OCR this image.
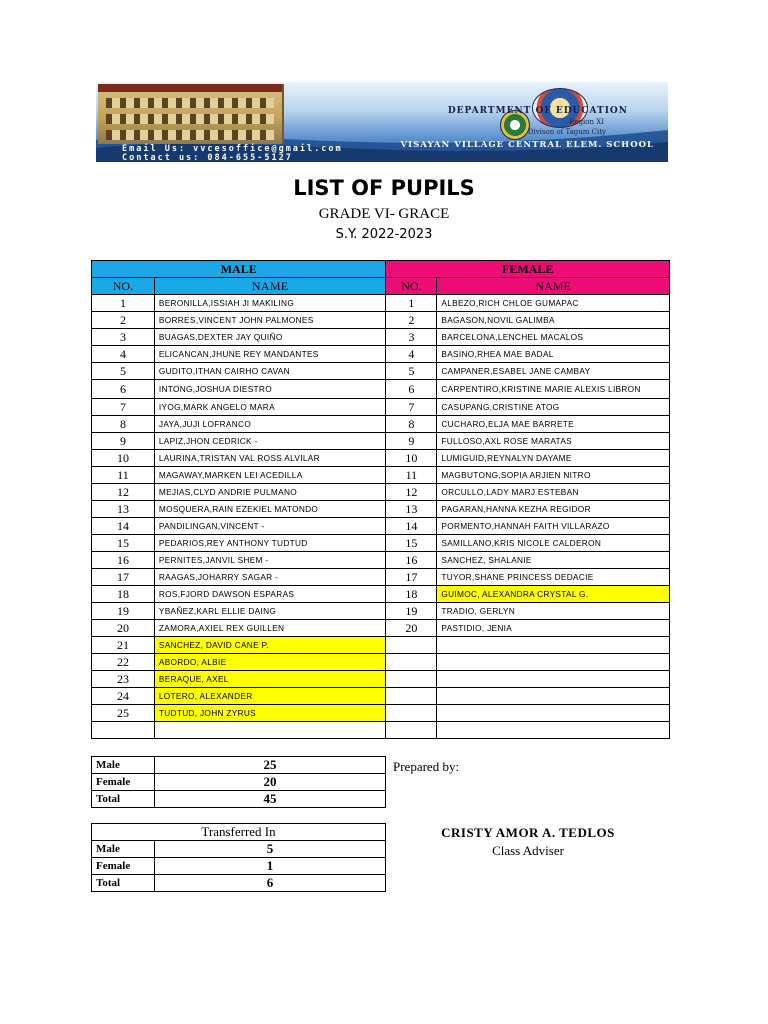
DEPARTMENT OF EDUCATION
Region XI
Divison of Tagum City
VISAYAN VILLAGE CENTRAL ELEM. SCHOOL
Email Us: vvcesoffice@gmail.com
Contact us: 084-655-5127
LIST OF PUPILS
GRADE VI- GRACE
S.Y. 2022-2023
MALE		FEMALE	
NO.	NAME	NO.	NAME
1	BERONILLA,ISSIAH JI MAKILING	1	ALBEZO,RICH CHLOE GUMAPAC
2	BORRES,VINCENT JOHN PALMONES	2	BAGASON,NOVIL GALIMBA
3	BUAGAS,DEXTER JAY QUIÑO	3	BARCELONA,LENCHEL MACALOS
4	ELICANCAN,JHUNE REY MANDANTES	4	BASINO,RHEA MAE BADAL
5	GUDITO,ITHAN CAIRHO CAVAN	5	CAMPANER,ESABEL JANE CAMBAY
6	INTONG,JOSHUA DIESTRO	6	CARPENTIRO,KRISTINE MARIE ALEXIS LIBRON
7	IYOG,MARK ANGELO MARA	7	CASUPANG,CRISTINE ATOG
8	JAYA,JUJI LOFRANCO	8	CUCHARO,ELJA MAE BARRETE
9	LAPIZ,JHON CEDRICK -	9	FULLOSO,AXL ROSE MARATAS
10	LAURINA,TRISTAN VAL ROSS ALVILAR	10	LUMIGUID,REYNALYN DAYAME
11	MAGAWAY,MARKEN LEI ACEDILLA	11	MAGBUTONG,SOPIA ARJIEN NITRO
12	MEJIAS,CLYD ANDRIE PULMANO	12	ORCULLO,LADY MARJ ESTEBAN
13	MOSQUERA,RAIN EZEKIEL MATONDO	13	PAGARAN,HANNA KEZHA REGIDOR
14	PANDILINGAN,VINCENT -	14	PORMENTO,HANNAH FAITH VILLARAZO
15	PEDARIOS,REY ANTHONY TUDTUD	15	SAMILLANO,KRIS NICOLE CALDERON
16	PERNITES,JANVIL SHEM -	16	SANCHEZ, SHALANIE
17	RAAGAS,JOHARRY SAGAR -	17	TUYOR,SHANE PRINCESS DEDACIE
18	ROS,FJORD DAWSON ESPARAS	18	GUIMOC, ALEXANDRA CRYSTAL G.
19	YBAÑEZ,KARL ELLIE DAING	19	TRADIO, GERLYN
20	ZAMORA,AXIEL REX GUILLEN	20	PASTIDIO, JENIA
21	SANCHEZ, DAVID CANE P.		
22	ABORDO, ALBIE		
23	BERAQUE, AXEL		
24	LOTERO, ALEXANDER		
25	TUDTUD, JOHN ZYRUS		

Male	25
Female	20
Total	45
Transferred In	
Male	5
Female	1
Total	6
Prepared by:
CRISTY AMOR A. TEDLOS
Class Adviser
